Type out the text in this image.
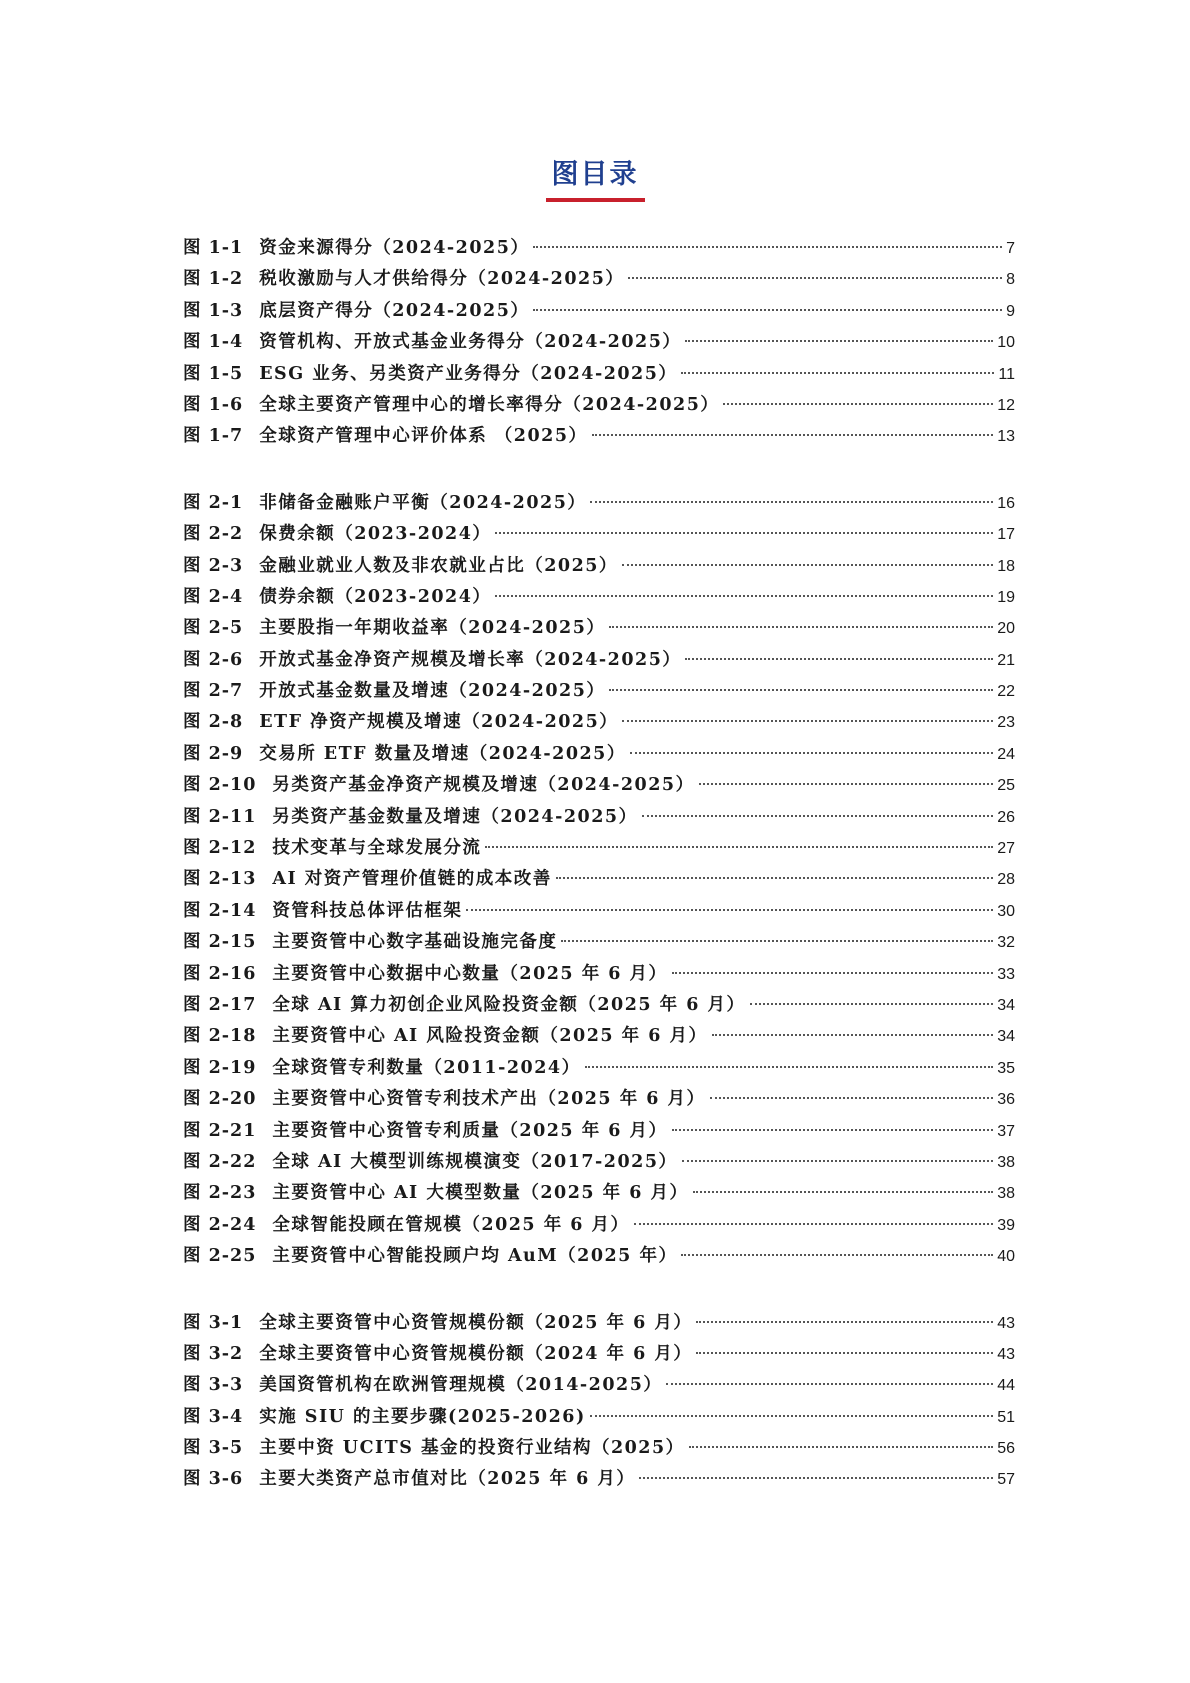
图目录
图 1-1 资金来源得分（2024-2025）	7
图 1-2 税收激励与人才供给得分（2024-2025）	8
图 1-3 底层资产得分（2024-2025）	9
图 1-4 资管机构、开放式基金业务得分（2024-2025）	10
图 1-5 ESG 业务、另类资产业务得分（2024-2025）	11
图 1-6 全球主要资产管理中心的增长率得分（2024-2025）	12
图 1-7 全球资产管理中心评价体系 （2025）	13
图 2-1 非储备金融账户平衡（2024-2025）	16
图 2-2 保费余额（2023-2024）	17
图 2-3 金融业就业人数及非农就业占比（2025）	18
图 2-4 债券余额（2023-2024）	19
图 2-5 主要股指一年期收益率（2024-2025）	20
图 2-6 开放式基金净资产规模及增长率（2024-2025）	21
图 2-7 开放式基金数量及增速（2024-2025）	22
图 2-8 ETF 净资产规模及增速（2024-2025）	23
图 2-9 交易所 ETF 数量及增速（2024-2025）	24
图 2-10 另类资产基金净资产规模及增速（2024-2025）	25
图 2-11 另类资产基金数量及增速（2024-2025）	26
图 2-12 技术变革与全球发展分流	27
图 2-13 AI 对资产管理价值链的成本改善	28
图 2-14 资管科技总体评估框架	30
图 2-15 主要资管中心数字基础设施完备度	32
图 2-16 主要资管中心数据中心数量（2025 年 6 月）	33
图 2-17 全球 AI 算力初创企业风险投资金额（2025 年 6 月）	34
图 2-18 主要资管中心 AI 风险投资金额（2025 年 6 月）	34
图 2-19 全球资管专利数量（2011-2024）	35
图 2-20 主要资管中心资管专利技术产出（2025 年 6 月）	36
图 2-21 主要资管中心资管专利质量（2025 年 6 月）	37
图 2-22 全球 AI 大模型训练规模演变（2017-2025）	38
图 2-23 主要资管中心 AI 大模型数量（2025 年 6 月）	38
图 2-24 全球智能投顾在管规模（2025 年 6 月）	39
图 2-25 主要资管中心智能投顾户均 AuM（2025 年）	40
图 3-1 全球主要资管中心资管规模份额（2025 年 6 月）	43
图 3-2 全球主要资管中心资管规模份额（2024 年 6 月）	43
图 3-3 美国资管机构在欧洲管理规模（2014-2025）	44
图 3-4 实施 SIU 的主要步骤(2025-2026)	51
图 3-5 主要中资 UCITS 基金的投资行业结构（2025）	56
图 3-6 主要大类资产总市值对比（2025 年 6 月）	57
